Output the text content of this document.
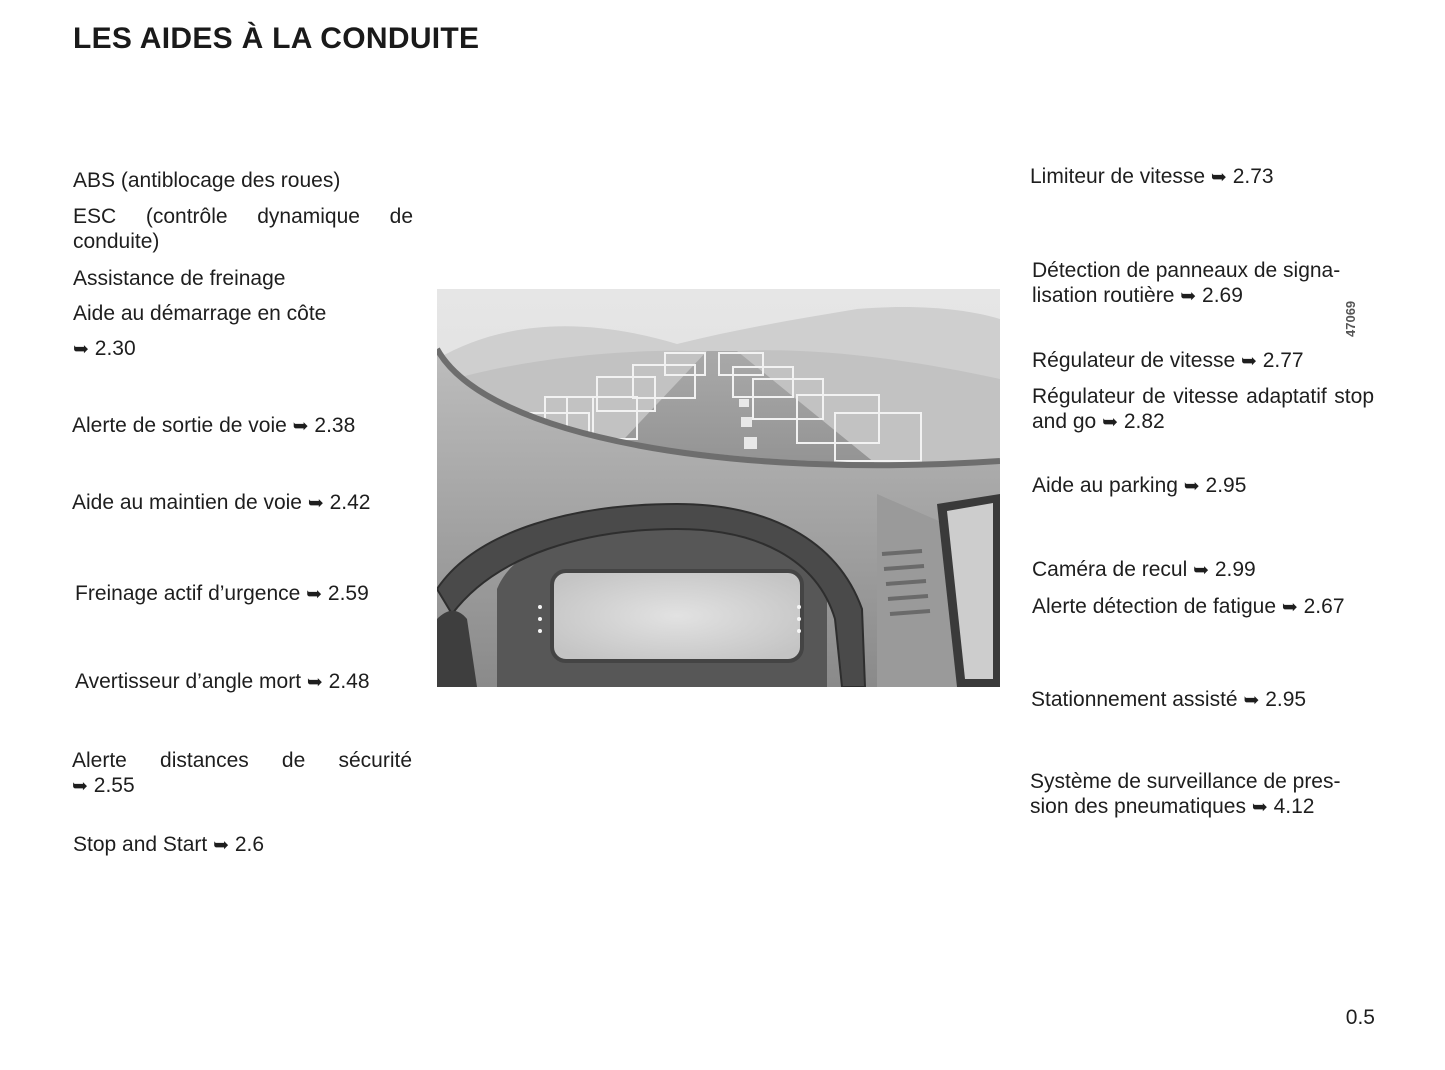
LES AIDES À LA CONDUITE
ABS (antiblocage des roues)
ESC (contrôle dynamique de conduite)
Assistance de freinage
Aide au démarrage en côte
➥ 2.30
Alerte de sortie de voie ➥ 2.38
Aide au maintien de voie ➥ 2.42
Freinage actif d’urgence ➥ 2.59
Avertisseur d’angle mort ➥ 2.48
Alerte distances de sécurité
➥ 2.55
Stop and Start ➥ 2.6
47069
Limiteur de vitesse ➥ 2.73
Détection de panneaux de signa-
lisation routière ➥ 2.69
Régulateur de vitesse ➥ 2.77
Régulateur de vitesse adaptatif stop and go ➥ 2.82
Aide au parking ➥ 2.95
Caméra de recul ➥ 2.99
Alerte détection de fatigue ➥ 2.67
Stationnement assisté ➥ 2.95
Système de surveillance de pres-
sion des pneumatiques ➥ 4.12
0.5
